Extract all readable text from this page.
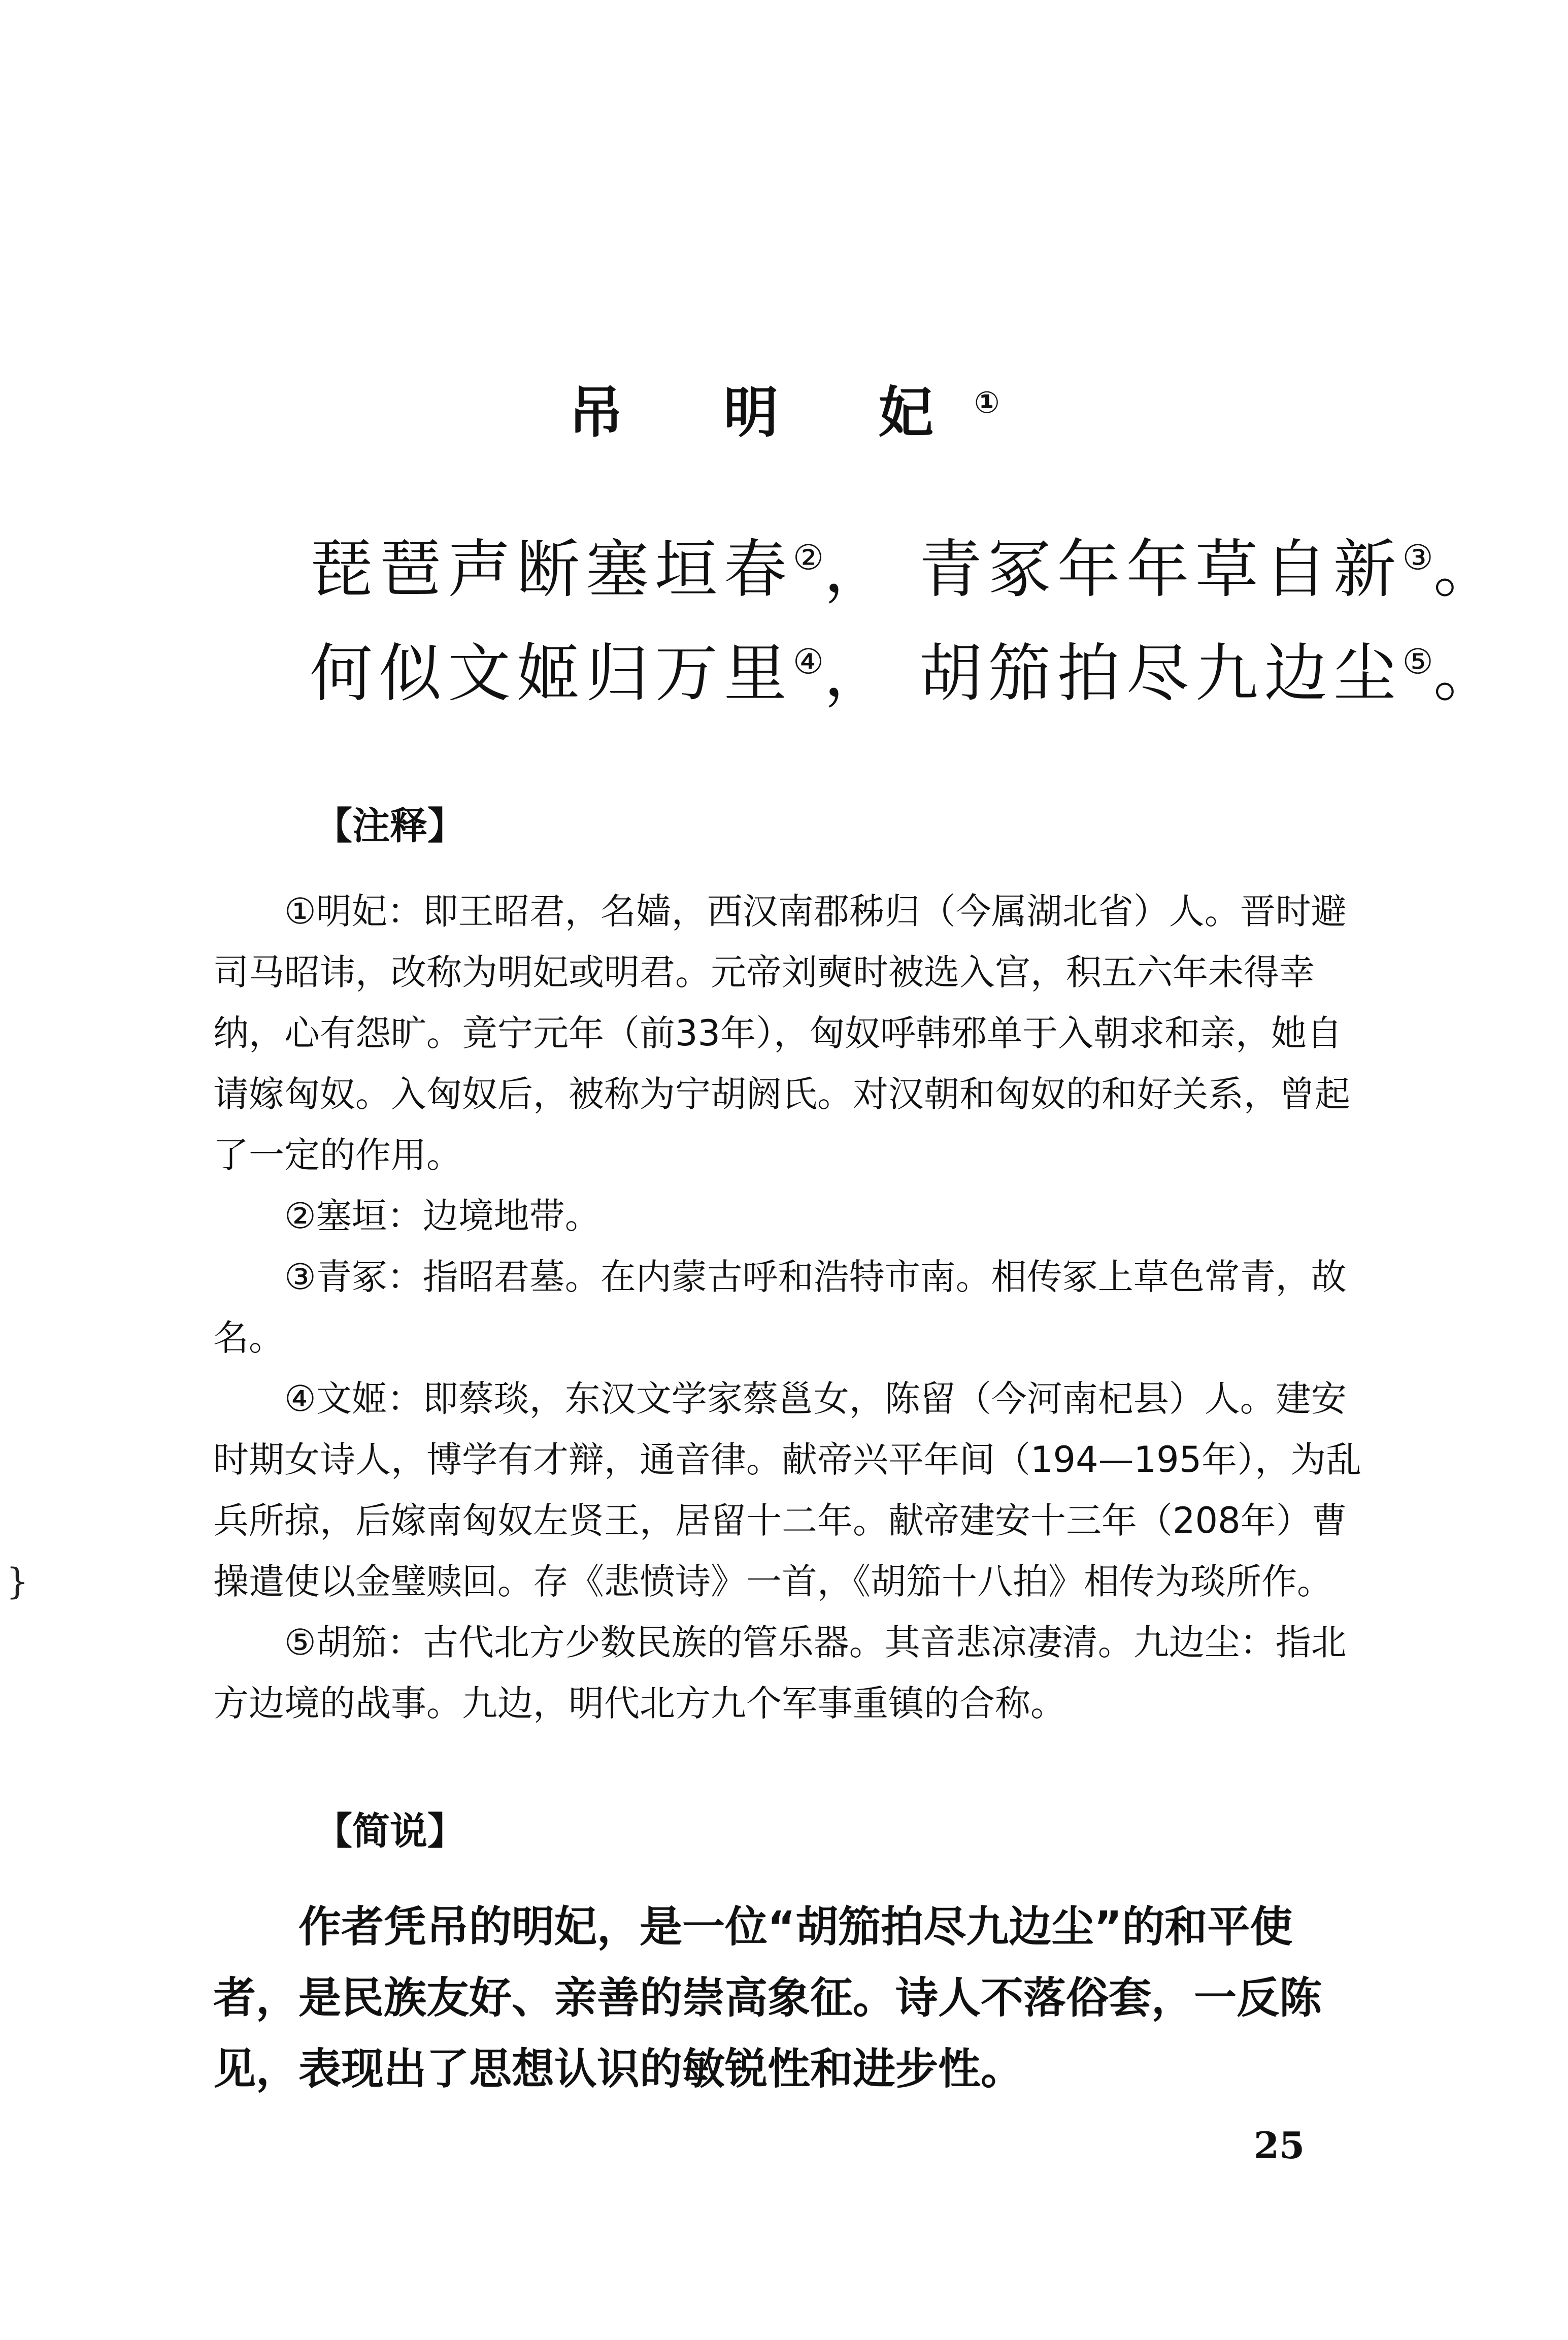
吊 明 妃①
琵琶声断塞垣春②， 青冢年年草自新③。
何似文姬归万里④， 胡笳拍尽九边尘⑤。
【注释】

①明妃：即王昭君，名嫱，西汉南郡秭归（今属湖北省）人。晋时避司马昭讳，改称为明妃或明君。元帝刘奭时被选入宫，积五六年未得幸纳，心有怨旷。竟宁元年（前33年），匈奴呼韩邪单于入朝求和亲，她自请嫁匈奴。入匈奴后，被称为宁胡阏氏。对汉朝和匈奴的和好关系，曾起了一定的作用。

②塞垣：边境地带。

③青冢：指昭君墓。在内蒙古呼和浩特市南。相传冢上草色常青，故名。

④文姬：即蔡琰，东汉文学家蔡邕女，陈留（今河南杞县）人。建安时期女诗人，博学有才辩，通音律。献帝兴平年间（194—195年），为乱兵所掠，后嫁南匈奴左贤王，居留十二年。献帝建安十三年（208年）曹操遣使以金璧赎回。存《悲愤诗》一首，《胡笳十八拍》相传为琰所作。

⑤胡笳：古代北方少数民族的管乐器。其音悲凉凄清。九边尘：指北方边境的战事。九边，明代北方九个军事重镇的合称。

【简说】

作者凭吊的明妃，是一位“胡笳拍尽九边尘”的和平使者，是民族友好、亲善的崇高象征。诗人不落俗套，一反陈见，表现出了思想认识的敏锐性和进步性。

25
}
